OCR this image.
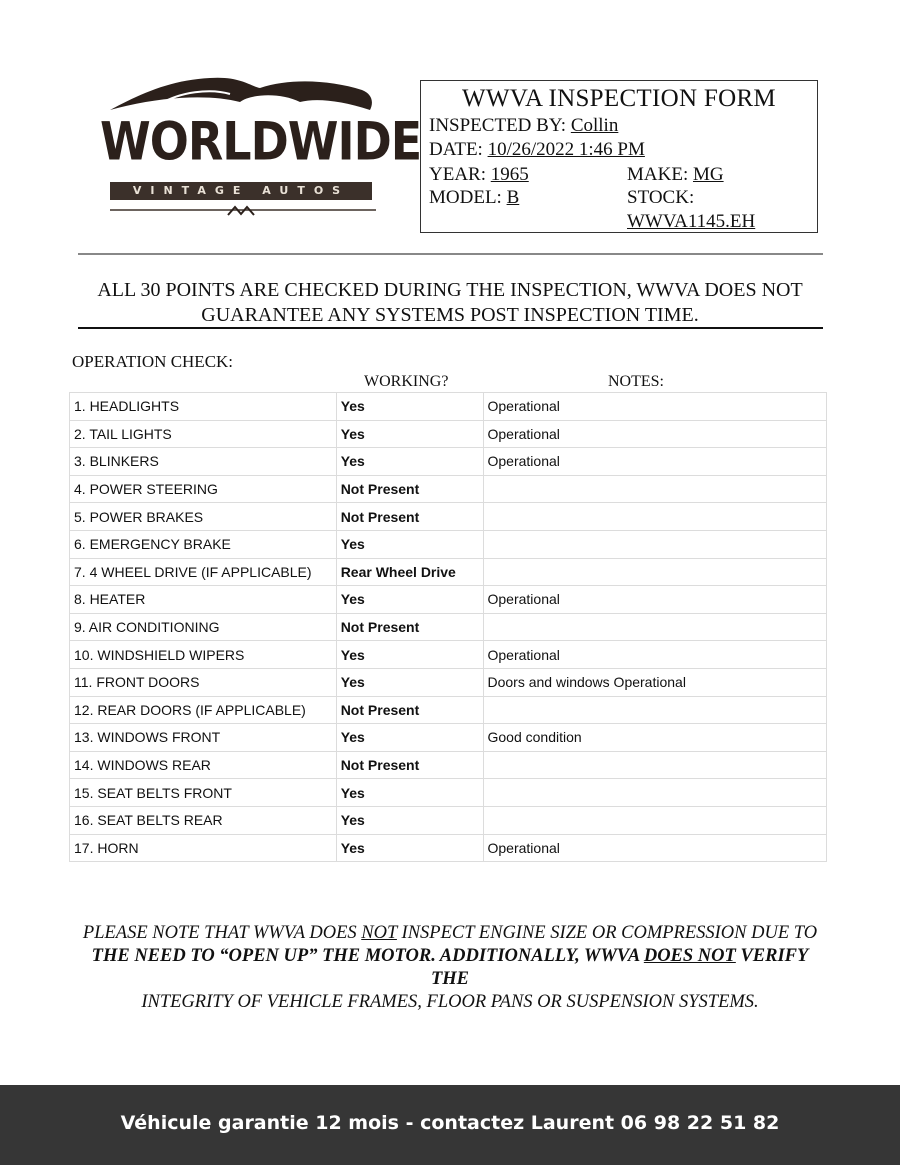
WORLDWIDE
VINTAGE AUTOS
WWVA INSPECTION FORM
INSPECTED BY: Collin
DATE: 10/26/2022 1:46 PM
YEAR: 1965	MAKE: MG
MODEL: B	STOCK:
WWVA1145.EH
ALL 30 POINTS ARE CHECKED DURING THE INSPECTION, WWVA DOES NOT
GUARANTEE ANY SYSTEMS POST INSPECTION TIME.
OPERATION CHECK:
WORKING?	NOTES:
1. HEADLIGHTS	Yes	Operational
2. TAIL LIGHTS	Yes	Operational
3. BLINKERS	Yes	Operational
4. POWER STEERING	Not Present	
5. POWER BRAKES	Not Present	
6. EMERGENCY BRAKE	Yes	
7. 4 WHEEL DRIVE (IF APPLICABLE)	Rear Wheel Drive	
8. HEATER	Yes	Operational
9. AIR CONDITIONING	Not Present	
10. WINDSHIELD WIPERS	Yes	Operational
11. FRONT DOORS	Yes	Doors and windows Operational
12. REAR DOORS (IF APPLICABLE)	Not Present	
13. WINDOWS FRONT	Yes	Good condition
14. WINDOWS REAR	Not Present	
15. SEAT BELTS FRONT	Yes	
16. SEAT BELTS REAR	Yes	
17. HORN	Yes	Operational
PLEASE NOTE THAT WWVA DOES NOT INSPECT ENGINE SIZE OR COMPRESSION DUE TO
THE NEED TO “OPEN UP” THE MOTOR. ADDITIONALLY, WWVA DOES NOT VERIFY THE
INTEGRITY OF VEHICLE FRAMES, FLOOR PANS OR SUSPENSION SYSTEMS.
Véhicule garantie 12 mois - contactez Laurent 06 98 22 51 82
